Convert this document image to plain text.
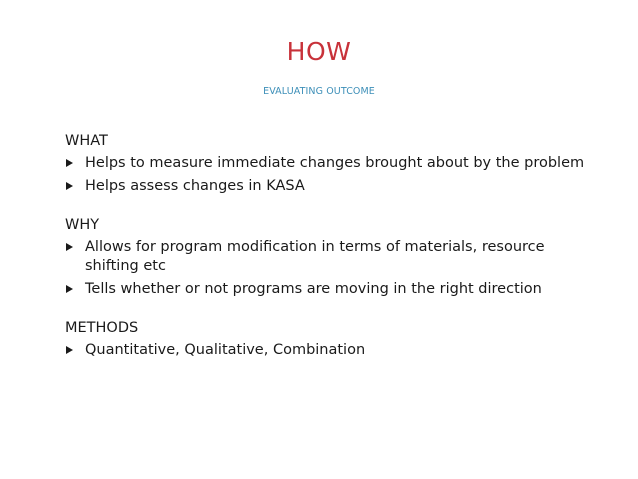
HOW
EVALUATING OUTCOME
WHAT
Helps to measure immediate changes brought about by the problem
Helps assess changes in KASA
WHY
Allows for program modification in terms of materials, resource shifting etc
Tells whether or not programs are moving in the right direction
METHODS
Quantitative, Qualitative, Combination
